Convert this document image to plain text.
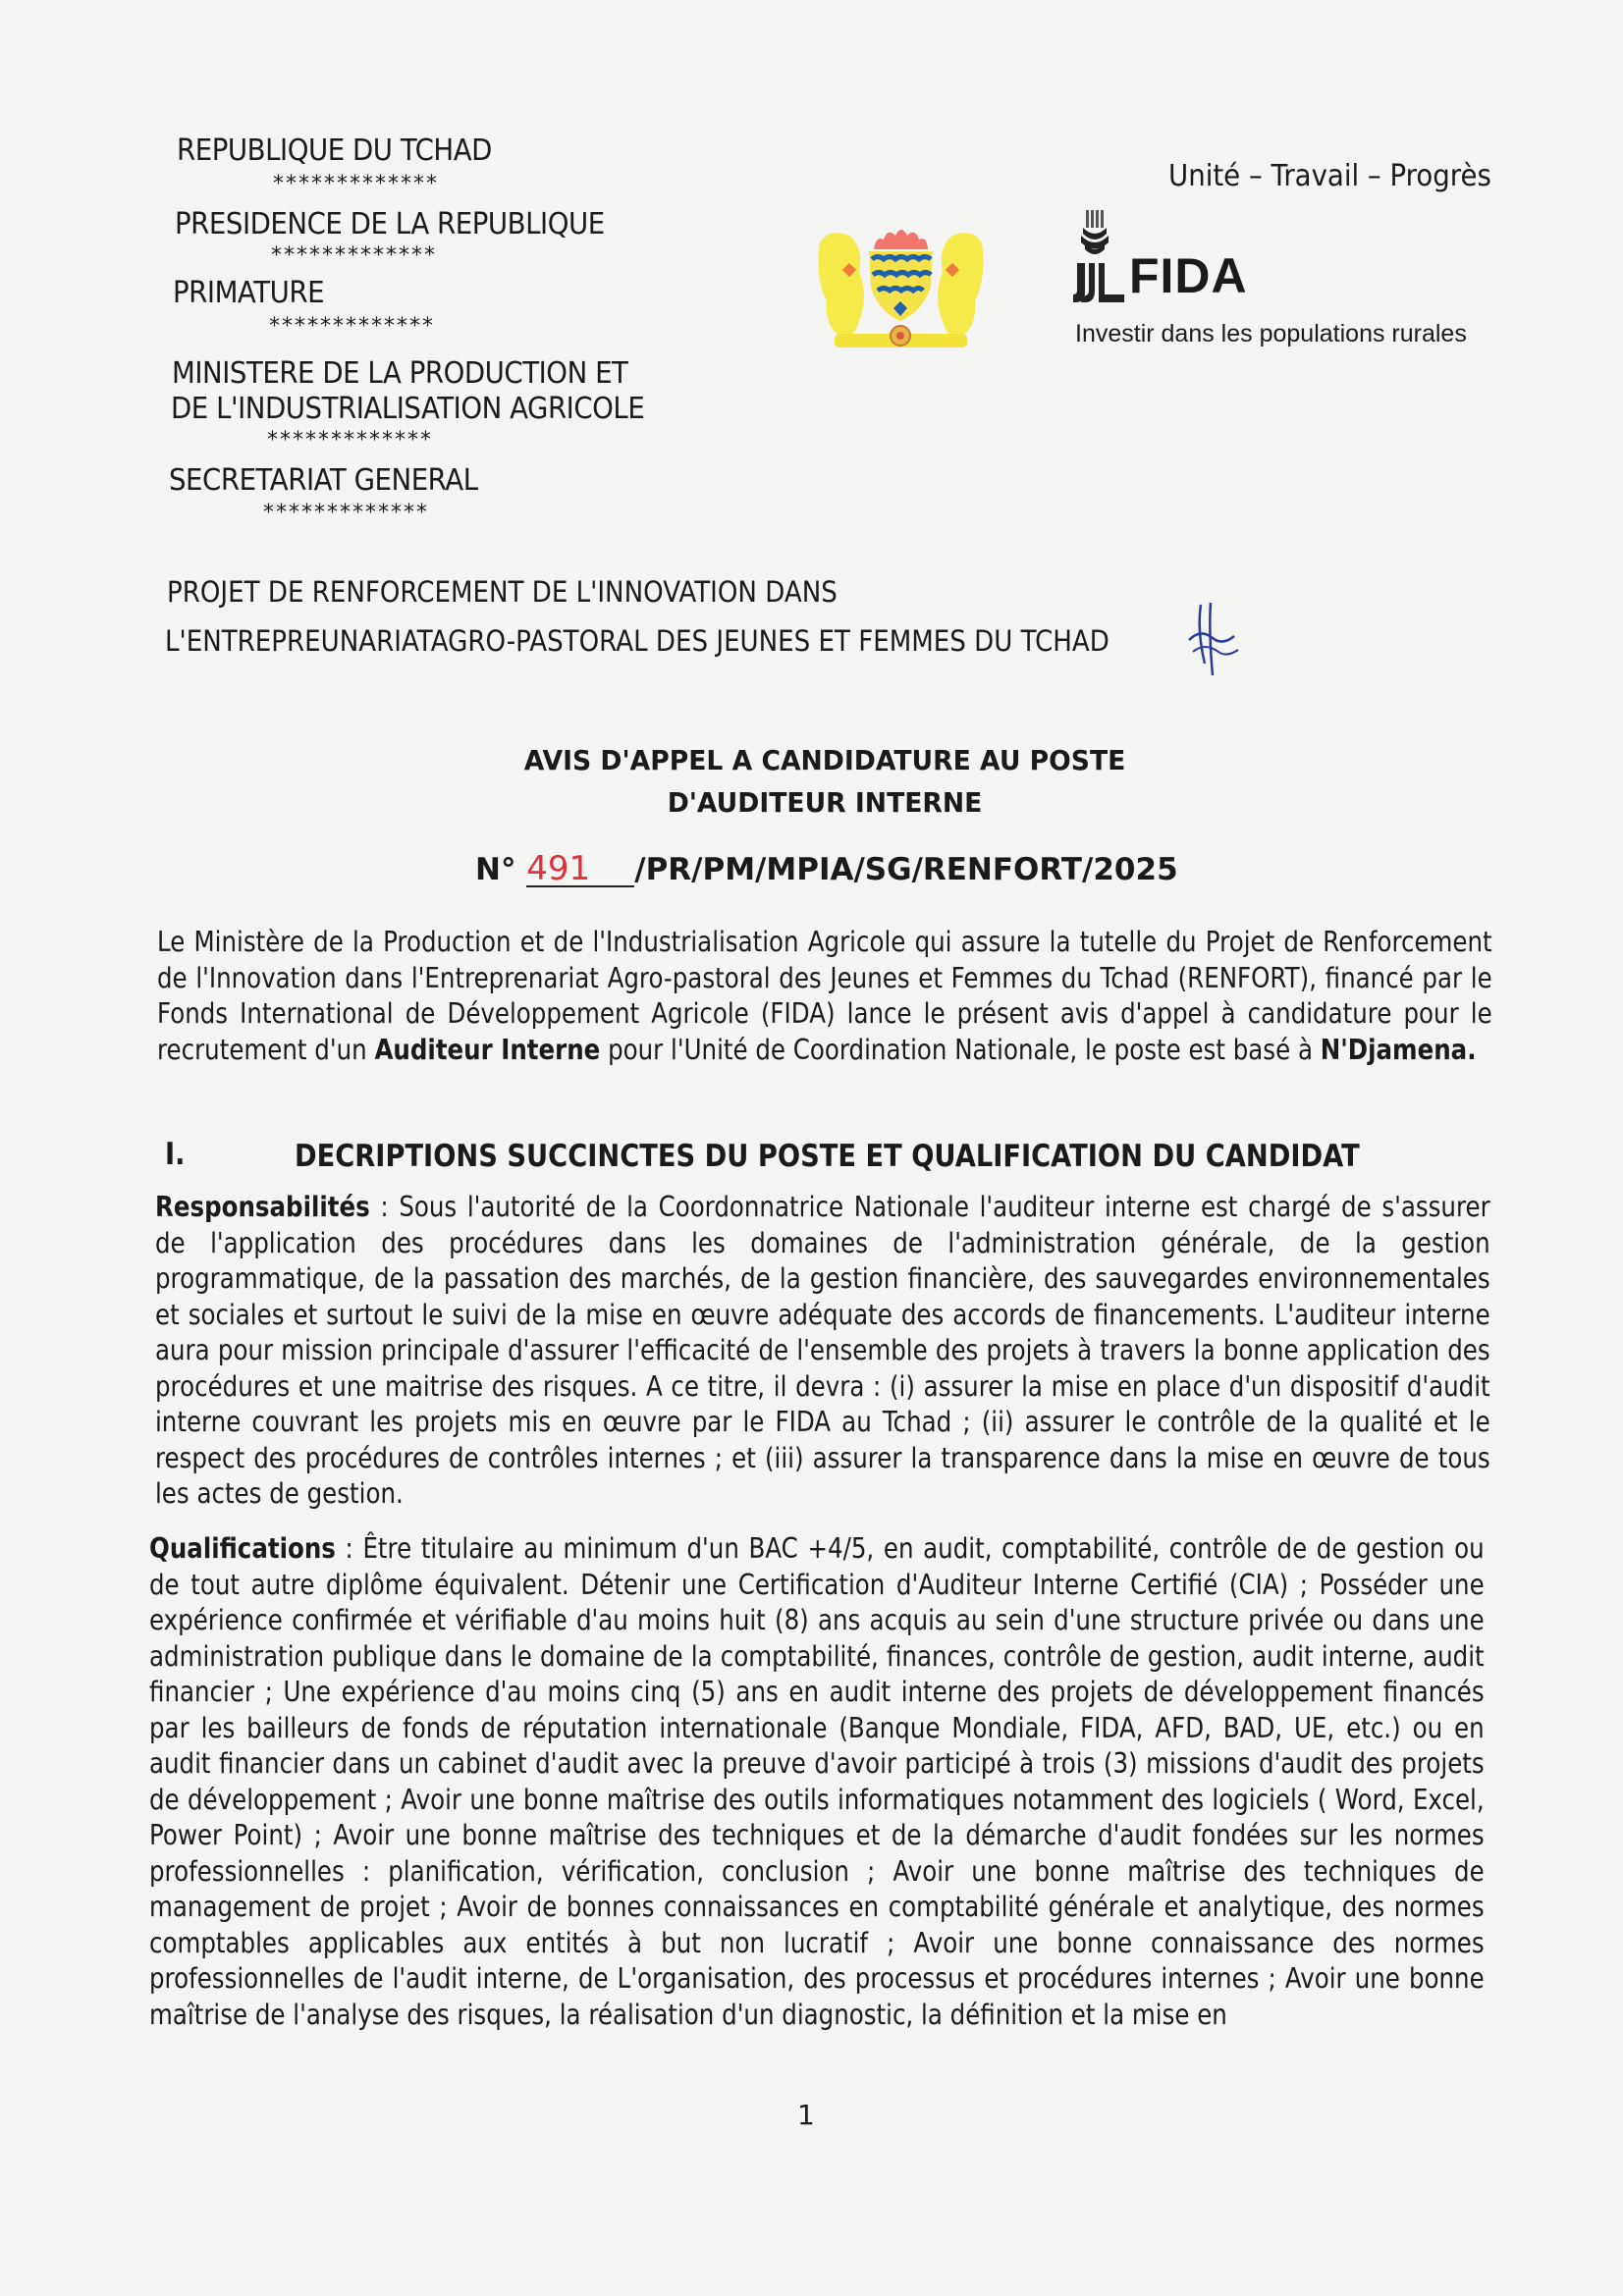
REPUBLIQUE DU TCHAD
*************
PRESIDENCE DE LA REPUBLIQUE
*************
PRIMATURE
*************
MINISTERE DE LA PRODUCTION ET
DE L'INDUSTRIALISATION AGRICOLE
*************
SECRETARIAT GENERAL
*************
Unité – Travail – Progrès
FIDA
Investir dans les populations rurales
PROJET DE RENFORCEMENT DE L'INNOVATION DANS
L'ENTREPREUNARIATAGRO-PASTORAL DES JEUNES ET FEMMES DU TCHAD
AVIS D'APPEL A CANDIDATURE AU POSTE
D'AUDITEUR INTERNE
N° 491 /PR/PM/MPIA/SG/RENFORT/2025
Le Ministère de la Production et de l'Industrialisation Agricole qui assure la tutelle du Projet de Renforcement de l'Innovation dans l'Entreprenariat Agro-pastoral des Jeunes et Femmes du Tchad (RENFORT), financé par le Fonds International de Développement Agricole (FIDA) lance le présent avis d'appel à candidature pour le recrutement d'un Auditeur Interne pour l'Unité de Coordination Nationale, le poste est basé à N'Djamena.
I.	DECRIPTIONS SUCCINCTES DU POSTE ET QUALIFICATION DU CANDIDAT
Responsabilités : Sous l'autorité de la Coordonnatrice Nationale l'auditeur interne est chargé de s'assurer de l'application des procédures dans les domaines de l'administration générale, de la gestion programmatique, de la passation des marchés, de la gestion financière, des sauvegardes environnementales et sociales et surtout le suivi de la mise en œuvre adéquate des accords de financements. L'auditeur interne aura pour mission principale d'assurer l'efficacité de l'ensemble des projets à travers la bonne application des procédures et une maitrise des risques. A ce titre, il devra : (i) assurer la mise en place d'un dispositif d'audit interne couvrant les projets mis en œuvre par le FIDA au Tchad ; (ii) assurer le contrôle de la qualité et le respect des procédures de contrôles internes ; et (iii) assurer la transparence dans la mise en œuvre de tous les actes de gestion.
Qualifications : Être titulaire au minimum d'un BAC +4/5, en audit, comptabilité, contrôle de de gestion ou de tout autre diplôme équivalent. Détenir une Certification d'Auditeur Interne Certifié (CIA) ; Posséder une expérience confirmée et vérifiable d'au moins huit (8) ans acquis au sein d'une structure privée ou dans une administration publique dans le domaine de la comptabilité, finances, contrôle de gestion, audit interne, audit financier ; Une expérience d'au moins cinq (5) ans en audit interne des projets de développement financés par les bailleurs de fonds de réputation internationale (Banque Mondiale, FIDA, AFD, BAD, UE, etc.) ou en audit financier dans un cabinet d'audit avec la preuve d'avoir participé à trois (3) missions d'audit des projets de développement ; Avoir une bonne maîtrise des outils informatiques notamment des logiciels ( Word, Excel, Power Point) ; Avoir une bonne maîtrise des techniques et de la démarche d'audit fondées sur les normes professionnelles : planification, vérification, conclusion ; Avoir une bonne maîtrise des techniques de management de projet ; Avoir de bonnes connaissances en comptabilité générale et analytique, des normes comptables applicables aux entités à but non lucratif ; Avoir une bonne connaissance des normes professionnelles de l'audit interne, de L'organisation, des processus et procédures internes ; Avoir une bonne maîtrise de l'analyse des risques, la réalisation d'un diagnostic, la définition et la mise en
1
